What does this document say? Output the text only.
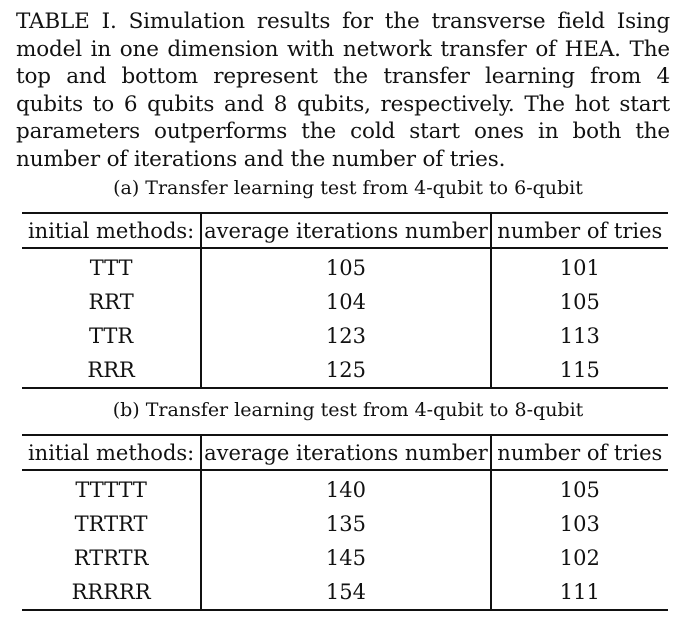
TABLE I. Simulation results for the transverse field Ising model in one dimension with network transfer of HEA. The top and bottom represent the transfer learning from 4 qubits to 6 qubits and 8 qubits, respectively. The hot start parameters outperforms the cold start ones in both the number of iterations and the number of tries.
(a) Transfer learning test from 4-qubit to 6-qubit
initial methods:	average iterations number	number of tries
TTT	105	101
RRT	104	105
TTR	123	113
RRR	125	115
(b) Transfer learning test from 4-qubit to 8-qubit
initial methods:	average iterations number	number of tries
TTTTT	140	105
TRTRT	135	103
RTRTR	145	102
RRRRR	154	111
